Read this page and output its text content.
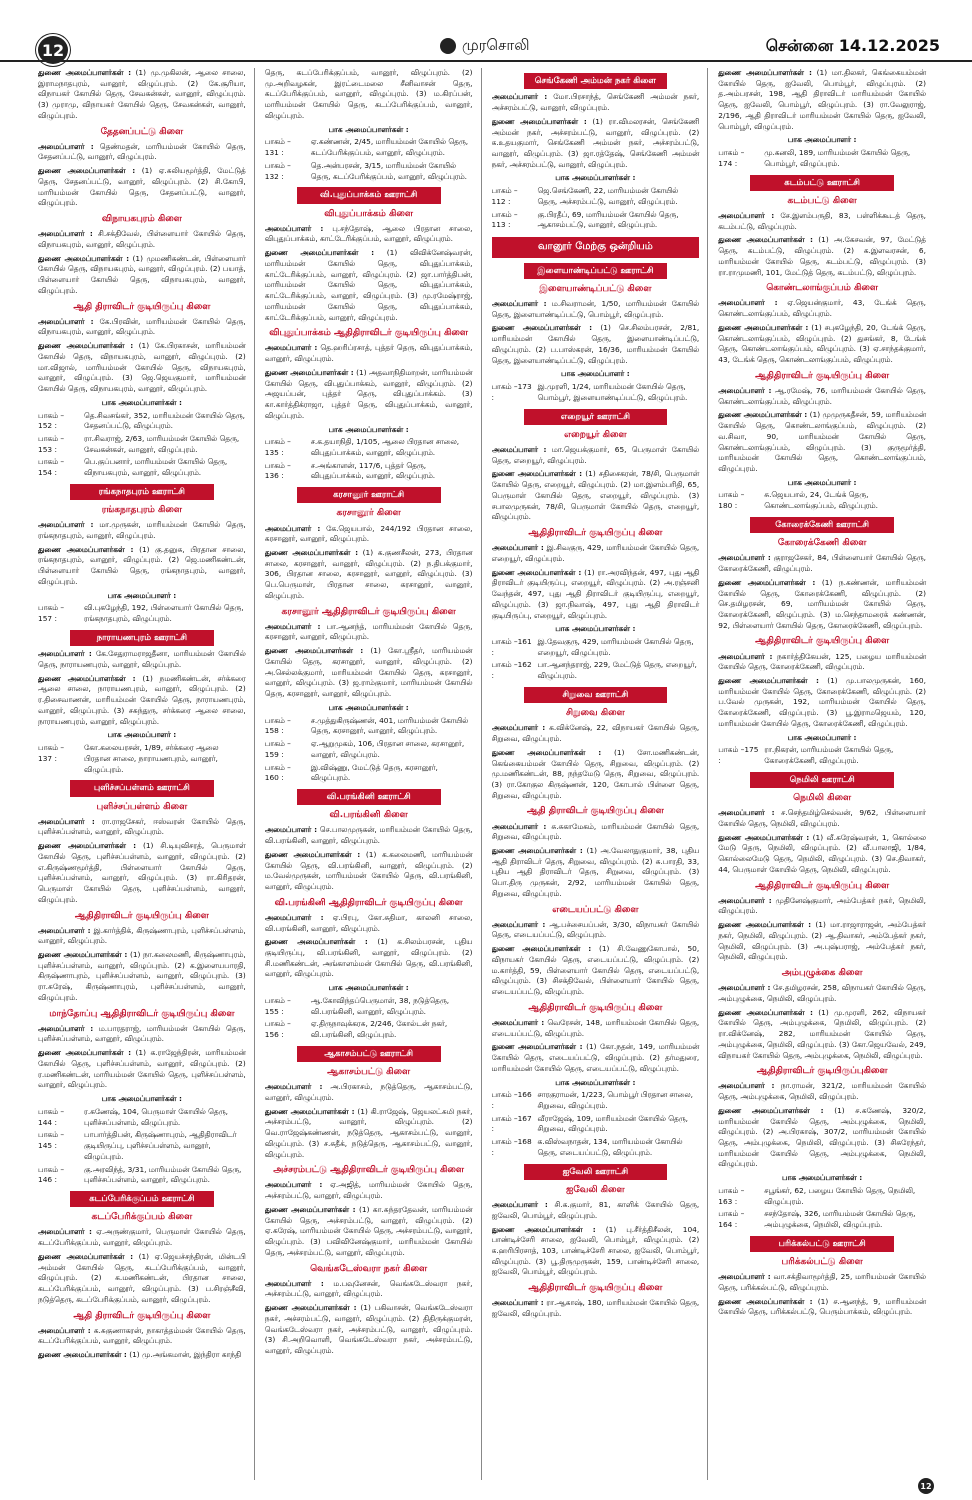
12	முரசொலி	சென்னை 14.12.2025
துணை அமைப்பாளர்கள் : (1) மு.முகிலன், ஆலை சாலை, இராமநாதபுரம், வானூர், விழுப்புரம். (2) கே.சூரியா, விநாயகர் கோயில் தெரு, சேவகன்கள், வானூர், விழுப்புரம். (3) முராமு, விநாயகர் கோயில் தெரு, சேவகன்கள், வானூர், விழுப்புரம்.
தேதனப்பட்டு கிளை
அமைப்பாளர் : தெண்மதன், மாரியம்மன் கோயில் தெரு, சேதனப்பட்டு, வானூர், விழுப்புரம்.
துணை அமைப்பாளர்கள் : (1) ஏ.சுலியமூர்த்தி, மேட்டுத் தெரு, சேதனப்பட்டு, வானூர், விழுப்புரம். (2) சி.கோபி, மாரியம்மன் கோயில் தெரு, சேதனப்பட்டு, வானூர், விழுப்புரம்.
விநாயகபுரம் கிளை
அமைப்பாளர் : சி.சக்திவேல், பிள்ளையார் கோயில் தெரு, விநாயகபுரம், வானூர், விழுப்புரம்.
துணை அமைப்பாளர்கள் : (1) முமணிகண்டன், பிள்ளையார் கோயில் தெரு, விநாயகபுரம், வானூர், விழுப்புரம். (2) பயாத், பிள்ளையார் கோயில் தெரு, விநாயகபுரம், வானூர், விழுப்புரம்.
ஆதி திராவிடர் குடியிருப்பு கிளை
அமைப்பாளர் : கே.பிரவின், மாரியம்மன் கோயில் தெரு, விநாயகபுரம், வானூர், விழுப்புரம்.
துணை அமைப்பாளர்கள் : (1) கே.பிரகாசன், மாரியம்மன் கோயில் தெரு, விநாயகபுரம், வானூர், விழுப்புரம். (2) மா.விஜால், மாரியம்மன் கோயில் தெரு, விநாயகபுரம், வானூர், விழுப்புரம். (3) ஜெ.ஜெயகுமார், மாரியம்மன் கோயில் தெரு, விநாயகபுரம், வானூர், விழுப்புரம்.
பாக அமைப்பாளர்கள் :
பாகம் – 152 :
தெ.சிவசங்கர், 352, மாரியம்மன் கோயில் தெரு, சேதனப்பட்டு, விழுப்புரம்.
பாகம் – 153 :
ரா.சிவராஜ், 2/63, மாரியம்மன் கோயில் தெரு, சேவகன்கள், வானூர், விழுப்புரம்.
பாகம் – 154 :
பெ.குப்பனார், மாரியம்மன் கோயில் தெரு, விநாயகபுரம், வானூர், விழுப்புரம்.
ரங்கநாதபுரம் ஊராட்சி
ரங்கநாதபுரம் கிளை
அமைப்பாளர் : மா.முருகன், மாரியம்மன் கோயில் தெரு, ரங்கநாதபுரம், வானூர், விழுப்புரம்.
துணை அமைப்பாளர்கள் : (1) கு.தனுசு, பிரதான சாலை, ரங்கநாதபுரம், வானூர், விழுப்புரம். (2) ஜெ.மணிகண்டன், பிள்ளையார் கோயில் தெரு, ரங்கநாதபுரம், வானூர், விழுப்புரம்.
பாக அமைப்பாளர் :
பாகம் – 157 :
வி.புகழேந்தி, 192, பிள்ளையார் கோயில் தெரு, ரங்கநாதபுரம், விழுப்புரம்.
நாராயணபுரம் ஊராட்சி
அமைப்பாளர் : கே.சேதுராமராஜதீனா, மாரியம்மன் கோயில் தெரு, நாராயணபுரம், வானூர், விழுப்புரம்.
துணை அமைப்பாளர்கள் : (1) நமணிகண்டன், சர்க்கரை ஆலை சாலை, நாராயணபுரம், வானூர், விழுப்புரம். (2) ர.திசைவாணன், மாரியம்மன் கோயில் தெரு, நாராயணபுரம், வானூர், விழுப்புரம். (3) சசுந்துரு, சர்க்கரை ஆலை சாலை, நாராயணபுரம், வானூர், விழுப்புரம்.
பாக அமைப்பாளர் :
பாகம் – 137 :
கோ.கலையரசன், 1/89, சர்க்கரை ஆலை பிரதான சாலை, நாராயணபுரம், வானூர், விழுப்புரம்.
புளிச்சப்பள்ளம் ஊராட்சி
புளிச்சப்பள்ளம் கிளை
அமைப்பாளர் : ரா.ராஜசேகர், ஈஸ்வரன் கோயில் தெரு, புளிச்சப்பள்ளம், வானூர், விழுப்புரம்.
துணை அமைப்பாளர்கள் : (1) சி.டியுவிசரத், பெருமாள் கோயில் தெரு, புளிச்சப்பள்ளம், வானூர், விழுப்புரம். (2) எ.கிருஷ்ணமூர்த்தி, பிள்ளையார் கோயில் தெரு, புளிச்சப்பள்ளம், வானூர், விழுப்புரம். (3) ரா.கிரிதரன், பெருமாள் கோயில் தெரு, புளிச்சப்பள்ளம், வானூர், விழுப்புரம்.
ஆதிதிராவிடர் குடியிருப்பு கிளை
அமைப்பாளர் : இ.கார்த்திக், கிருஷ்ணாபுரம், புளிச்சப்பள்ளம், வானூர், விழுப்புரம்.
துணை அமைப்பாளர்கள் : (1) நா.கலைமணி, கிருஷ்ணாபுரம், புளிச்சப்பள்ளம், வானூர், விழுப்புரம். (2) க.இளையபாரதி, கிருஷ்ணாபுரம், புளிச்சப்பள்ளம், வானூர், விழுப்புரம். (3) ரா.சுரேஷ், கிருஷ்ணாபுரம், புளிச்சப்பள்ளம், வானூர், விழுப்புரம்.
மாந்தோப்பு ஆதிதிராவிடர் குடியிருப்பு கிளை
அமைப்பாளர் : ம.பாரதராஜ், மாரியம்மன் கோயில் தெரு, புளிச்சப்பள்ளம், வானூர், விழுப்புரம்.
துணை அமைப்பாளர்கள் : (1) க.ராஜேந்திரன், மாரியம்மன் கோயில் தெரு, புளிச்சப்பள்ளம், வானூர், விழுப்புரம். (2) ர.மணிகண்டன், மாரியம்மன் கோயில் தெரு, புளிச்சப்பள்ளம், வானூர், விழுப்புரம்.
பாக அமைப்பாளர்கள் :
பாகம் – 144 :
ர.கணேஷ், 104, பெருமாள் கோயில் தெரு, புளிச்சப்பள்ளம், விழுப்புரம்.
பாகம் – 145 :
பாபார்த்திபன், கிருஷ்ணாபுரம், ஆதிதிராவிடர் குடியிருப்பு, புளிச்சப்பள்ளம், வானூர், விழுப்புரம்.
பாகம் – 146 :
கு.அரவிந்த், 3/31, மாரியம்மன் கோயில் தெரு, புளிச்சப்பள்ளம், வானூர், விழுப்புரம்.
கடப்பேரிக்குப்பம் ஊராட்சி
கடப்பேரிக்குப்பம் கிளை
அமைப்பாளர் : ஏ.அருண்குமார், பெருமாள் கோயில் தெரு, கடப்பேரிக்குப்பம், வானூர், விழுப்புரம்.
துணை அமைப்பாளர்கள் : (1) ஏ.ஜெயச்சந்திரன், மின்டபி அம்மன் கோயில் தெரு, கடப்பேரிக்குப்பம், வானூர், விழுப்புரம். (2) க.மணிகண்டன், பிரதான சாலை, கடப்பேரிக்குப்பம், வானூர், விழுப்புரம். (3) ப.சிரஞ்சீவி, நடுத்தெரு, கடப்பேரிக்குப்பம், வானூர், விழுப்புரம்.
ஆதி திராவிடர் குடியிருப்பு கிளை
அமைப்பாளர் : க.சுகுணாகரன், நாகாத்தம்மன் கோயில் தெரு, கடப்பேரிக்குப்பம், வானூர், விழுப்புரம்.
துணை அமைப்பாளர்கள் : (1) மு.அங்கமான், இந்திரா காந்தி
தெரு, கடப்பேரிக்குப்பம், வானூர், விழுப்புரம். (2) மு.அறிவழகன், இரட்டைமலை சீனிவாசன் தெரு, கடப்பேரிக்குப்பம், வானூர், விழுப்புரம். (3) ம.கிரப்பன், மாரியம்மன் கோயில் தெரு, கடப்பேரிக்குப்பம், வானூர், விழுப்புரம்.
பாக அமைப்பாளர்கள் :
பாகம் – 131 :
ஏ.கண்ணன், 2/45, மாரியம்மன் கோயில் தெரு, கடப்பேரிக்குப்பம், வானூர், விழுப்புரம்.
பாகம் – 132 :
தெ.அன்பரசன், 3/15, மாரியம்மன் கோயில் தெரு, கடப்பேரிக்குப்பம், வானூர், விழுப்புரம்.
வி.புதுப்பாக்கம் ஊராட்சி
விபுதுப்பாக்கம் கிளை
அமைப்பாளர் : பு.சந்தோஷ், ஆலை பிரதான சாலை, விபுதுப்பாக்கம், காட்டேரிக்குப்பம், வானூர், விழுப்புரம்.
துணை அமைப்பாளர்கள் : (1) விவிக்னேஷ்வரன், மாரியம்மன் கோயில் தெரு, விபுதுப்பாக்கம், காட்டேரிக்குப்பம், வானூர், விழுப்புரம். (2) ஜா.பார்த்திபன், மாரியம்மன் கோயில் தெரு, விபுதுப்பாக்கம், காட்டேரிக்குப்பம், வானூர், விழுப்புரம். (3) மு.ரமேஷ்ராஜ், மாரியம்மன் கோயில் தெரு, விபுதுப்பாக்கம், காட்டேரிக்குப்பம், வானூர், விழுப்புரம்.
விபுதுப்பாக்கம் ஆதிதிராவிடர் குடியிருப்பு கிளை
அமைப்பாளர் : தெ.ஹரிப்ரசாத், புத்தர் தெரு, விபுதுப்பாக்கம், வானூர், விழுப்புரம்.
துணை அமைப்பாளர்கள் : (1) அதவாநிதிமாறன், மாரியம்மன் கோயில் தெரு, விபுதுப்பாக்கம், வானூர், விழுப்புரம். (2) அஜயப்பன், புத்தர் தெரு, விபுதுப்பாக்கம். (3) கா.கார்த்திக்ராஜா, புத்தர் தெரு, விபுதுப்பாக்கம், வானூர், விழுப்புரம்.
பாக அமைப்பாளர்கள் :
பாகம் – 135 :
ச.க.தயாநிதி, 1/105, ஆலை பிரதான சாலை, விபுதுப்பாக்கம், வானூர், விழுப்புரம்.
பாகம் – 136 :
ச.அங்காளன், 117/6, புத்தர் தெரு, விபுதுப்பாக்கம், வானூர், விழுப்புரம்.
கரசானூர் ஊராட்சி
கரசானூர் கிளை
அமைப்பாளர் : கே.ஜெயபால், 244/192 பிரதான சாலை, கரசானூர், வானூர், விழுப்புரம்.
துணை அமைப்பாளர்கள் : (1) க.குணசீலன், 273, பிரதான சாலை, கரசானூர், வானூர், விழுப்புரம். (2) ந.திபக்குமார், 306, பிரதான சாலை, கரசானூர், வானூர், விழுப்புரம். (3) பெ.பெருமாள், பிரதான சாலை, கரசானூர், வானூர், விழுப்புரம்.
கரசானூர் ஆதிதிராவிடர் குடியிருப்பு கிளை
அமைப்பாளர் : பா.ஆனந்த், மாரியம்மன் கோயில் தெரு, கரசானூர், வானூர், விழுப்புரம்.
துணை அமைப்பாளர்கள் : (1) கோ.ஸ்ரீதர், மாரியம்மன் கோயில் தெரு, கரசானூர், வானூர், விழுப்புரம். (2) அ.செல்லக்குமார், மாரியம்மன் கோயில் தெரு, கரசானூர், வானூர், விழுப்புரம். (3) ஜ.ராம்குமார், மாரியம்மன் கோயில் தெரு, கரசானூர், வானூர், விழுப்புரம்.
பாக அமைப்பாளர்கள் :
பாகம் – 158 :
ச.முத்துகிருஷ்ணன், 401, மாரியம்மன் கோயில் தெரு, கரசானூர், வானூர், விழுப்புரம்.
பாகம் – 159 :
ஏ.ஆறுமுகம், 106, பிரதான சாலை, கரசானூர், வானூர், விழுப்புரம்.
பாகம் – 160 :
இ.விஷ்ணு, மேட்டுத் தெரு, கரசானூர், விழுப்புரம்.
வி.பரங்கினி ஊராட்சி
வி.பரங்கினி கிளை
அமைப்பாளர் : செ.பாலமுருகன், மாரியம்மன் கோயில் தெரு, வி.பரங்கினி, வானூர், விழுப்புரம்.
துணை அமைப்பாளர்கள் : (1) க.கலைமணி, மாரியம்மன் கோயில் தெரு, வி.பரங்கினி, வானூர், விழுப்புரம். (2) ம.வேல்முருகன், மாரியம்மன் கோயில் தெரு, வி.பரங்கினி, வானூர், விழுப்புரம்.
வி.பரங்கினி ஆதிதிராவிடர் குடியிருப்பு கிளை
அமைப்பாளர் : ஏ.பிரபு, கோ.சுதிமா, காலனி சாலை, வி.பரங்கினி, வானூர், விழுப்புரம்.
துணை அமைப்பாளர்கள் : (1) க.சிலம்பரசன், புதிய குடியிருப்பு, வி.பரங்கினி, வானூர், விழுப்புரம். (2) சி.மணிகண்டன், அங்காளம்மன் கோயில் தெரு, வி.பரங்கினி, வானூர், விழுப்புரம்.
பாக அமைப்பாளர்கள் :
பாகம் – 155 :
ஆ.கோவிந்தப்பெருமாள், 38, நடுத்தெரு, வி.பரங்கினி, வானூர், விழுப்புரம்.
பாகம் – 156 :
ஏ.திருநாவுக்கரசு, 2/246, கோல்டன் நகர், வி.பரங்கினி, விழுப்புரம்.
ஆகாசம்பட்டு ஊராட்சி
ஆகாசம்பட்டு கிளை
அமைப்பாளர் : அ.பிரகாசம், நடுத்தெரு, ஆகாசம்பட்டு, வானூர், விழுப்புரம்.
துணை அமைப்பாளர்கள் : (1) கி.ராஜேஷ், ஜெயலட்சுமி நகர், அச்சரம்பட்டு, வானூர், விழுப்புரம். (2) வெ.ராஜேஷ்கண்ணன், நடுத்தெரு, ஆகாசம்பட்டு, வானூர், விழுப்புரம். (3) ச.சுதீக், நடுத்தெரு, ஆகாசம்பட்டு, வானூர், விழுப்புரம்.
அச்சரம்பட்டு ஆதிதிராவிடர் குடியிருப்பு கிளை
அமைப்பாளர் : ஏ.அஜித், மாரியம்மன் கோயில் தெரு, அச்சரம்பட்டு, வானூர், விழுப்புரம்.
துணை அமைப்பாளர்கள் : (1) கா.சுந்தரதேவன், மாரியம்மன் கோயில் தெரு, அச்சரம்பட்டு, வானூர், விழுப்புரம். (2) ஏ.கரேஷ், மாரியம்மன் கோயில் தெரு, அச்சரம்பட்டு, வானூர், விழுப்புரம். (3) பவிவினேஷ்குமார், மாரியம்மன் கோயில் தெரு, அச்சரம்பட்டு, வானூர், விழுப்புரம்.
வெங்கடேஸ்வரா நகர் கிளை
அமைப்பாளர் : ம.பவுனேசன், வெங்கடேஸ்வரா நகர், அச்சரம்பட்டு, வானூர், விழுப்புரம்.
துணை அமைப்பாளர்கள் : (1) பகிவாசன், வெங்கடேஸ்வரா நகர், அச்சரம்பட்டு, வானூர், விழுப்புரம். (2) திதிருக்குமரன், வெங்கடேஸ்வரா நகர், அச்சரம்பட்டு, வானூர், விழுப்புரம். (3) சி.அறிவொளி, வெங்கடேஸ்வரா நகர், அச்சரம்பட்டு, வானூர், விழுப்புரம்.
செங்கேணி அம்மன் நகர் கிளை
அமைப்பாளர் : மோ.பிரசாந்த், செங்கேணி அம்மன் நகர், அச்சரம்பட்டு, வானூர், விழுப்புரம்.
துணை அமைப்பாளர்கள் : (1) ரா.விமலரசன், செங்கேணி அம்மன் நகர், அச்சரம்பட்டு, வானூர், விழுப்புரம். (2) க.உதயகுமார், செங்கேணி அம்மன் நகர், அச்சரம்பட்டு, வானூர், விழுப்புரம். (3) ஜா.ரத்தேஷ், செங்கேணி அம்மன் நகர், அச்சரம்பட்டு, வானூர், விழுப்புரம்.
பாக அமைப்பாளர்கள் :
பாகம் – 112 :
ஜெ.செங்கேணி, 22, மாரியம்மன் கோயில் தெரு, அச்சரம்பட்டு, வானூர், விழுப்புரம்.
பாகம் – 113 :
கு.பிரதீப், 69, மாரியம்மன் கோயில் தெரு, ஆகாசம்பட்டு, வானூர், விழுப்புரம்.
வானூர் மேற்கு ஒன்றியம்
இளையாண்டிப்பட்டு ஊராட்சி
இளையாண்டிப்பட்டு கிளை
அமைப்பாளர் : ம.சிவராமன், 1/50, மாரியம்மன் கோயில் தெரு, இளையாண்டிப்பட்டு, பொம்பூர், விழுப்புரம்.
துணை அமைப்பாளர்கள் : (1) செ.சிலம்பரசன், 2/81, மாரியம்மன் கோயில் தெரு, இளையாண்டிப்பட்டு, விழுப்புரம். (2) ப.பாஸ்கரன், 16/36, மாரியம்மன் கோயில் தெரு, இளையாண்டிப்பட்டு, விழுப்புரம்.
பாக அமைப்பாளர் :
பாகம் –173 :
இ.முரளி, 1/24, மாரியம்மன் கோயில் தெரு, பொம்பூர், இளையாண்டிப்பட்டு, விழுப்புரம்.
எறையூர் ஊராட்சி
எறையூர் கிளை
அமைப்பாளர் : மா.ஜெயக்குமார், 65, பெருமாள் கோயில் தெரு, எறையூர், விழுப்புரம்.
துணை அமைப்பாளர்கள் : (1) சதிசைகரன், 78/சி, பெருமாள் கோயில் தெரு, எறையூர், விழுப்புரம். (2) மா.இளம்பரிதி, 65, பெருமாள் கோயில் தெரு, எறையூர், விழுப்புரம். (3) சபாலமுருகன், 78/சி, பெருமாள் கோயில் தெரு, எறையூர், விழுப்புரம்.
ஆதிதிராவிடர் குடியிருப்பு கிளை
அமைப்பாளர் : இ.சிவகுரு, 429, மாரியம்மன் கோயில் தெரு, எறையூர், விழுப்புரம்.
துணை அமைப்பாளர்கள் : (1) ரா.அரவிந்தன், 497, புது ஆதி திராவிடர் குடியிருப்பு, எறையூர், விழுப்புரம். (2) அ.ரஞ்சனி வேந்தன், 497, புது ஆதி திராவிடர் குடியிருப்பு, எறையூர், விழுப்புரம். (3) ஜா.நிவாஷ், 497, புது ஆதி திராவிடர் குடியிருப்பு, எறையூர், விழுப்புரம்.
பாக அமைப்பாளர்கள் :
பாகம் –161 :
இ.தேவகுரு, 429, மாரியம்மன் கோயில் தெரு, எறையூர், விழுப்புரம்.
பாகம் –162 :
பா.ஆனந்தராஜ், 229, மேட்டுத் தெரு, எறையூர், விழுப்புரம்.
சிறுவை ஊராட்சி
சிறுவை கிளை
அமைப்பாளர் : க.விக்னேஷ், 22, விநாயகர் கோயில் தெரு, சிறுவை, விழுப்புரம்.
துணை அமைப்பாளர்கள் : (1) சோ.மணிகண்டன், கெங்கையம்மன் கோயில் தெரு, சிறுவை, விழுப்புரம். (2) மு.மணிகண்டன், 88, நந்தமேடு தெரு, சிறுவை, விழுப்புரம். (3) ரா.கோகுல கிருஷ்ணன், 120, கோபால் பிள்ளை தெரு, சிறுவை, விழுப்புரம்.
ஆதி திராவிடர் குடியிருப்பு கிளை
அமைப்பாளர் : சு.சுகாமேகம், மாரியம்மன் கோயில் தெரு, சிறுவை, விழுப்புரம்.
துணை அமைப்பாளர்கள் : (1) அ.வேலாதுகுமார், 38, புதிய ஆதி திராவிடர் தெரு, சிறுவை, விழுப்புரம். (2) சு.பாரதி, 33, புதிய ஆதி திராவிடர் தெரு, சிறுவை, விழுப்புரம். (3) பொ.திரு முருகன், 2/92, மாரியம்மன் கோயில் தெரு, சிறுவை, விழுப்புரம்.
எடையப்பட்டு கிளை
அமைப்பாளர் : ஆ.பச்சையப்பன், 3/30, விநாயகர் கோயில் தெரு, எடையப்பட்டு, விழுப்புரம்.
துணை அமைப்பாளர்கள் : (1) சி.வேணுகோபால், 50, விநாயகர் கோயில் தெரு, எடையப்பட்டு, விழுப்புரம். (2) ம.கார்த்தி, 59, பிள்ளையார் கோயில் தெரு, எடையப்பட்டு, விழுப்புரம். (3) சிசக்திவேல், பிள்ளையார் கோயில் தெரு, எடையப்பட்டு, விழுப்புரம்.
ஆதிதிராவிடர் குடியிருப்பு கிளை
அமைப்பாளர் : வெரேசன், 148, மாரியம்மன் கோயில் தெரு, எடையப்பட்டு, விழுப்புரம்.
துணை அமைப்பாளர்கள் : (1) கோ.நதன், 149, மாரியம்மன் கோயில் தெரு, எடையப்பட்டு, விழுப்புரம். (2) தர்மதுரை, மாரியம்மன் கோயில் தெரு, எடையப்பட்டு, விழுப்புரம்.
பாக அமைப்பாளர்கள் :
பாகம் –166 :
சாரகுராமன், 1/223, பொம்பூர் பிரதான சாலை, சிறுவை, விழுப்புரம்.
பாகம் –167 :
வீராஜேஷ், 109, மாரியம்மன் கோயில் தெரு, சிறுவை, விழுப்புரம்.
பாகம் –168 :
க.விஸ்வநாதன், 134, மாரியம்மன் கோயில் தெரு, எடையப்பட்டு, விழுப்புரம்.
ஐவேலி ஊராட்சி
ஐவேலி கிளை
அமைப்பாளர் : சி.க.குமார், 81, காளிக் கோயில் தெரு, ஐவேலி, பொம்பூர், விழுப்புரம்.
துணை அமைப்பாளர்கள் : (1) பு.சீர்த்திசீலன், 104, பாண்டிச்சேரி சாலை, ஐவேலி, பொம்பூர், விழுப்புரம். (2) க.ஹரிபிரசாத், 103, பாண்டிச்சேரி சாலை, ஐவேலி, பொம்பூர், விழுப்புரம். (3) பூ.திருமுருகன், 159, பாண்டிச்சேரி சாலை, ஐவேலி, பொம்பூர், விழுப்புரம்.
ஆதிதிராவிடர் குடியிருப்பு கிளை
அமைப்பாளர் : ரா.ஆகாஷ், 180, மாரியம்மன் கோயில் தெரு, ஐவேலி, விழுப்புரம்.
துணை அமைப்பாளர்கள் : (1) மா.திலகர், கெங்கையம்மன் கோயில் தெரு, ஐவேலி, பொம்பூர், விழுப்புரம். (2) த.அம்பரசன், 198, ஆதி திராவிடர் மாரியம்மன் கோயில் தெரு, ஐவேலி, பொம்பூர், விழுப்புரம். (3) ரா.வேலுராஜ், 2/196, ஆதி திராவிடர் மாரியம்மன் கோயில் தெரு, ஐவேலி, பொம்பூர், விழுப்புரம்.
பாக அமைப்பாளர் :
பாகம் – 174 :
மு.கனலி, 189, மாரியம்மன் கோயில் தெரு, பொம்பூர், விழுப்புரம்.
கடம்பட்டு ஊராட்சி
கடம்பட்டு கிளை
அமைப்பாளர் : சே.இளம்பருதி, 83, பள்ளிக்கூடத் தெரு, கடம்பட்டு, விழுப்புரம்.
துணை அமைப்பாளர்கள் : (1) அ.கேசவன், 97, மேட்டுத் தெரு, கடம்பட்டு, விழுப்புரம். (2) க.இளவரசன், 6, மாரியம்மன் கோயில் தெரு, கடம்பட்டு, விழுப்புரம். (3) ரா.ராமுமணி, 101, மேட்டுத் தெரு, கடம்பட்டு, விழுப்புரம்.
கொண்டலாங்குப்பம் கிளை
அமைப்பாளர் : ஏ.ஜெயன்குமார், 43, டேங்க் தெரு, கொண்டலாங்குப்பம், விழுப்புரம்.
துணை அமைப்பாளர்கள் : (1) சபுகழேந்தி, 20, டேங்க் தெரு, கொண்டலாங்குப்பம், விழுப்புரம். (2) துசங்கர், 8, டேங்க் தெரு, கொண்டலாங்குப்பம், விழுப்புரம். (3) ஏ.சாந்தக்குமார், 43, டேங்க் தெரு, கொண்டலாங்குப்பம், விழுப்புரம்.
ஆதிதிராவிடர் குடியிருப்பு கிளை
அமைப்பாளர் : ஆ.ரமேஷ், 76, மாரியம்மன் கோயில் தெரு, கொண்டலாங்குப்பம், விழுப்புரம்.
துணை அமைப்பாளர்கள் : (1) முமுருகதீசன், 59, மாரியம்மன் கோயில் தெரு, கொண்டலாங்குப்பம், விழுப்புரம். (2) வ.சிவா, 90, மாரியம்மன் கோயில் தெரு, கொண்டலாங்குப்பம், விழுப்புரம். (3) குருமூர்த்தி, மாரியம்மன் கோயில் தெரு, கொண்டலாங்குப்பம், விழுப்புரம்.
பாக அமைப்பாளர் :
பாகம் – 180 :
சு.ஜெயபால், 24, டேங்க் தெரு, கொண்டலாங்குப்பம், விழுப்புரம்.
கோரைக்கேணி ஊராட்சி
கோரைக்கேணி கிளை
அமைப்பாளர் : குராஜசேகர், 84, பிள்ளையார் கோயில் தெரு, கோரைக்கேணி, விழுப்புரம்.
துணை அமைப்பாளர்கள் : (1) ந.கண்ணன், மாரியம்மன் கோயில் தெரு, கோரைக்கேணி, விழுப்புரம். (2) செ.தமிழரசன், 69, மாரியம்மன் கோயில் தெரு, கோரைக்கேணி, விழுப்புரம். (3) ம.செந்தாமரைக் கண்ணன், 92, பிள்ளையார் கோயில் தெரு, கோரைக்கேணி, விழுப்புரம்.
ஆதிதிராவிடர் குடியிருப்பு கிளை
அமைப்பாளர் : நகார்த்திகேயன், 125, பழைய மாரியம்மன் கோயில் தெரு, கோரைக்கேணி, விழுப்புரம்.
துணை அமைப்பாளர்கள் : (1) மு.பாலமுருகன், 160, மாரியம்மன் கோயில் தெரு, கோரைக்கேணி, விழுப்புரம். (2) ப.வேல் முருகன், 192, மாரியம்மன் கோயில் தெரு, கோரைக்கேணி, விழுப்புரம். (3) பூ.இராமஜெயம், 120, மாரியம்மன் கோயில் தெரு, கோரைக்கேணி, விழுப்புரம்.
பாக அமைப்பாளர் :
பாகம் –175 :
ரா.நிகரன், மாரியம்மன் கோயில் தெரு, கோரைக்கேணி, விழுப்புரம்.
நெமிலி ஊராட்சி
நெமிலி கிளை
அமைப்பாளர் : ச.செந்தமிழ்செல்வன், 9/62, பிள்ளையார் கோயில் தெரு, நெமிலி, விழுப்புரம்.
துணை அமைப்பாளர்கள் : (1) வீ.சுரேஷ்வரன், 1, கொல்லை மேடு தெரு, நெமிலி, விழுப்புரம். (2) வீ.பாலாஜி, 1/84, கொல்லைமேடு தெரு, நெமிலி, விழுப்புரம். (3) செ.திவாகர், 44, பெருமாள் கோயில் தெரு, நெமிலி, விழுப்புரம்.
ஆதிதிராவிடர் குடியிருப்பு கிளை
அமைப்பாளர் : முதினேஷ்குமார், அம்பேத்கர் நகர், நெமிலி, விழுப்புரம்.
துணை அமைப்பாளர்கள் : (1) மா.ராஜாராஜன், அம்பேத்கர் நகர், நெமிலி, விழுப்புரம். (2) ஆ.திவாகர், அம்பேத்கர் நகர், நெமிலி, விழுப்புரம். (3) அ.புஷ்பராஜ், அம்பேத்கர் நகர், நெமிலி, விழுப்புரம்.
அம்புழுக்கை கிளை
அமைப்பாளர் : சே.தமிழரசன், 258, விநாயகர் கோயில் தெரு, அம்புழுக்கை, நெமிலி, விழுப்புரம்.
துணை அமைப்பாளர்கள் : (1) மு.முரளி, 262, விநாயகர் கோயில் தெரு, அம்புழுக்கை, நெமிலி, விழுப்புரம். (2) ரா.விக்னேஷ், 282, மாரியம்மன் கோயில் தெரு, அம்புழுக்கை, நெமிலி, விழுப்புரம். (3) கோ.ஜெயவேல், 249, விநாயகர் கோயில் தெரு, அம்புழுக்கை, நெமிலி, விழுப்புரம்.
ஆதிதிராவிடர் குடியிருப்புகிளை
அமைப்பாளர் : நா.ராமன், 321/2, மாரியம்மன் கோயில் தெரு, அம்புழுக்கை, நெமிலி, விழுப்புரம்.
துணை அமைப்பாளர்கள் : (1) ச.கணேஷ், 320/2, மாரியம்மன் கோயில் தெரு, அம்புழுக்கை, நெமிலி, விழுப்புரம். (2) அ.பிரகாஷ், 307/2, மாரியம்மன் கோயில் தெரு, அம்புழுக்கை, நெமிலி, விழுப்புரம். (3) சிசுரேந்தர், மாரியம்மன் கோயில் தெரு, அம்புழுக்கை, நெமிலி, விழுப்புரம்.
பாக அமைப்பாளர்கள் :
பாகம் – 163 :
சபூங்கர், 62, பழைய கோயில் தெரு, நெமிலி, விழுப்புரம்.
பாகம் – 164 :
சசந்தோஷ், 326, மாரியம்மன் கோயில் தெரு, அம்புழுக்கை, நெமிலி, விழுப்புரம்.
பரிக்கல்பட்டு ஊராட்சி
பரிக்கல்பட்டு கிளை
அமைப்பாளர் : வா.சக்திவாமூர்த்தி, 25, மாரியம்மன் கோயில் தெரு, பரிக்கல்பட்டு, விழுப்புரம்.
துணை அமைப்பாளர்கள் : (1) ச.ஆனந்த், 9, மாரியம்மன் கோயில் தெரு, பரிக்கல்பட்டு, பெரும்பாக்கம், விழுப்புரம்.
12
